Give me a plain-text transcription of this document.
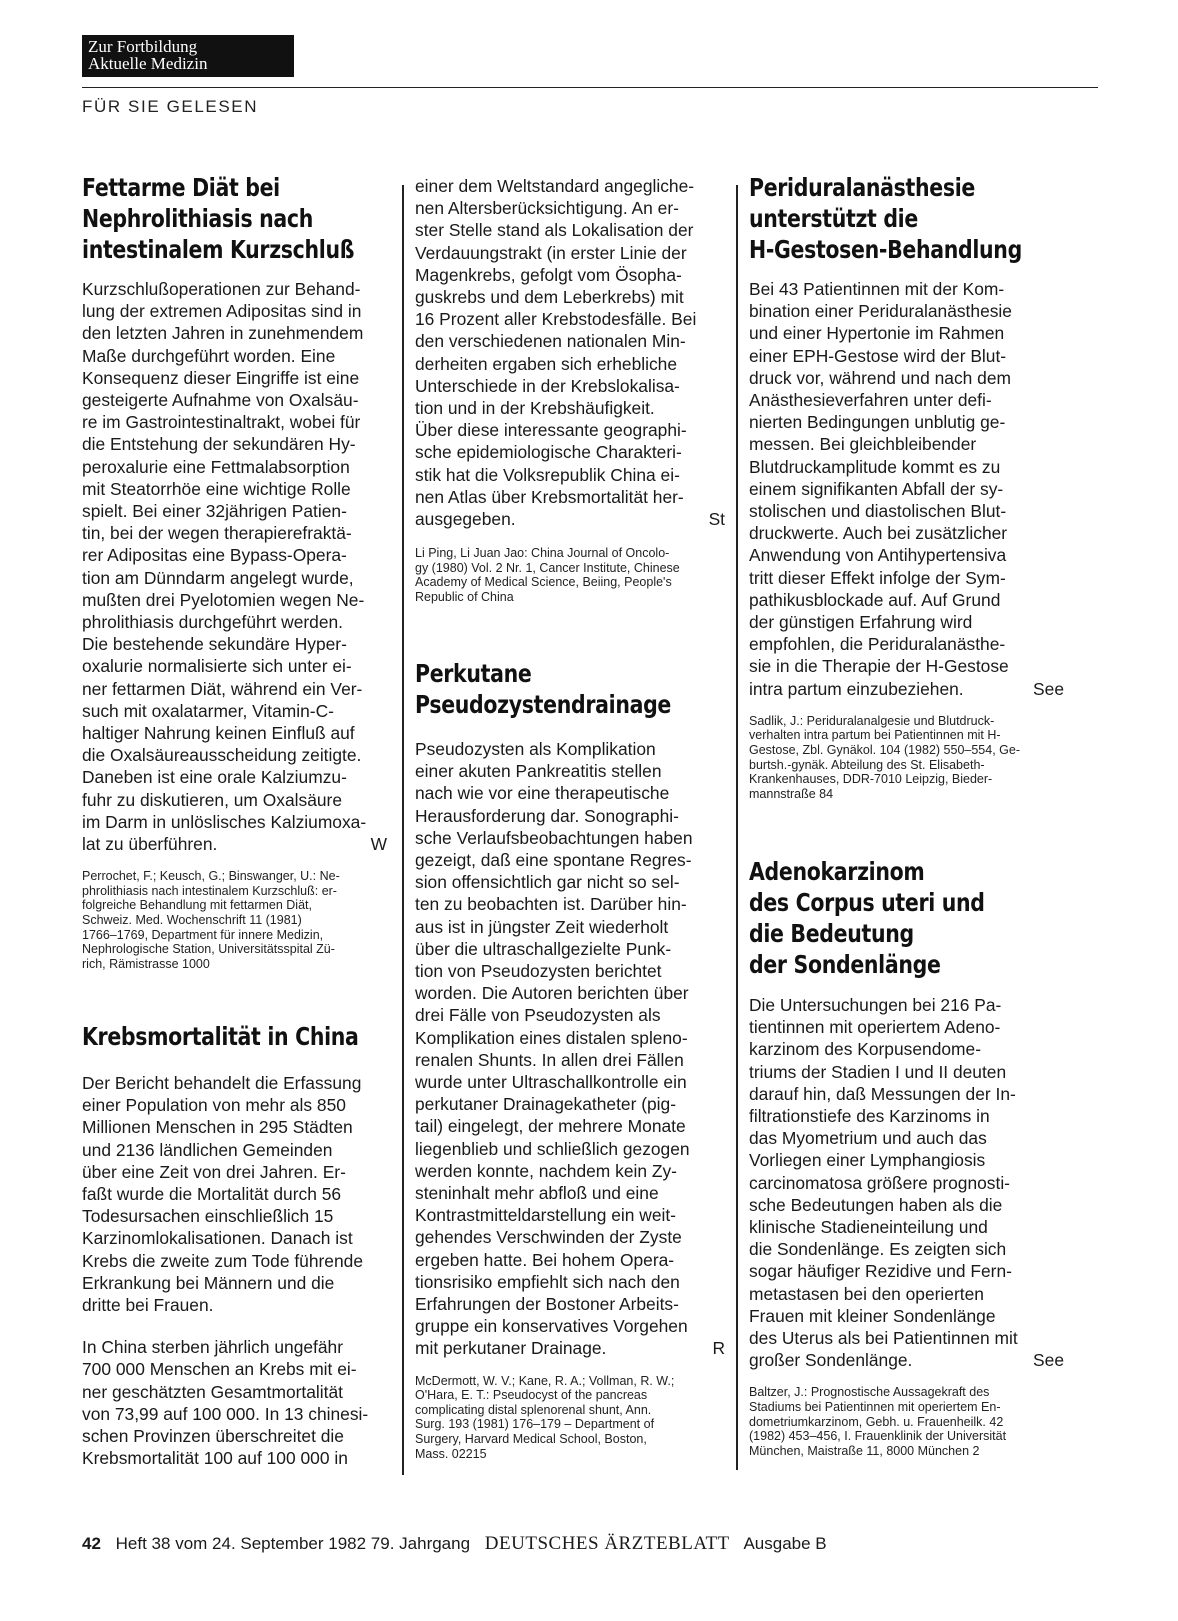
Zur Fortbildung
Aktuelle Medizin
FÜR SIE GELESEN
Fettarme Diät bei
Nephrolithiasis nach
intestinalem Kurzschluß
Kurzschlußoperationen zur Behand-
lung der extremen Adipositas sind in
den letzten Jahren in zunehmendem
Maße durchgeführt worden. Eine
Konsequenz dieser Eingriffe ist eine
gesteigerte Aufnahme von Oxalsäu-
re im Gastrointestinaltrakt, wobei für
die Entstehung der sekundären Hy-
peroxalurie eine Fettmalabsorption
mit Steatorrhöe eine wichtige Rolle
spielt. Bei einer 32jährigen Patien-
tin, bei der wegen therapierefraktä-
rer Adipositas eine Bypass-Opera-
tion am Dünndarm angelegt wurde,
mußten drei Pyelotomien wegen Ne-
phrolithiasis durchgeführt werden.
Die bestehende sekundäre Hyper-
oxalurie normalisierte sich unter ei-
ner fettarmen Diät, während ein Ver-
such mit oxalatarmer, Vitamin-C-
haltiger Nahrung keinen Einfluß auf
die Oxalsäureausscheidung zeitigte.
Daneben ist eine orale Kalziumzu-
fuhr zu diskutieren, um Oxalsäure
im Darm in unlöslisches Kalziumoxa-
lat zu überführen.	W
Perrochet, F.; Keusch, G.; Binswanger, U.: Ne-
phrolithiasis nach intestinalem Kurzschluß: er-
folgreiche Behandlung mit fettarmen Diät,
Schweiz. Med. Wochenschrift 11 (1981)
1766–1769, Department für innere Medizin,
Nephrologische Station, Universitätsspital Zü-
rich, Rämistrasse 1000
Krebsmortalität in China
Der Bericht behandelt die Erfassung
einer Population von mehr als 850
Millionen Menschen in 295 Städten
und 2136 ländlichen Gemeinden
über eine Zeit von drei Jahren. Er-
faßt wurde die Mortalität durch 56
Todesursachen einschließlich 15
Karzinomlokalisationen. Danach ist
Krebs die zweite zum Tode führende
Erkrankung bei Männern und die
dritte bei Frauen.
In China sterben jährlich ungefähr
700 000 Menschen an Krebs mit ei-
ner geschätzten Gesamtmortalität
von 73,99 auf 100 000. In 13 chinesi-
schen Provinzen überschreitet die
Krebsmortalität 100 auf 100 000 in
einer dem Weltstandard angegliche-
nen Altersberücksichtigung. An er-
ster Stelle stand als Lokalisation der
Verdauungstrakt (in erster Linie der
Magenkrebs, gefolgt vom Ösopha-
guskrebs und dem Leberkrebs) mit
16 Prozent aller Krebstodesfälle. Bei
den verschiedenen nationalen Min-
derheiten ergaben sich erhebliche
Unterschiede in der Krebslokalisa-
tion und in der Krebshäufigkeit.
Über diese interessante geographi-
sche epidemiologische Charakteri-
stik hat die Volksrepublik China ei-
nen Atlas über Krebsmortalität her-
ausgegeben.	St
Li Ping, Li Juan Jao: China Journal of Oncolo-
gy (1980) Vol. 2 Nr. 1, Cancer Institute, Chinese
Academy of Medical Science, Beiing, People's
Republic of China
Perkutane
Pseudozystendrainage
Pseudozysten als Komplikation
einer akuten Pankreatitis stellen
nach wie vor eine therapeutische
Herausforderung dar. Sonographi-
sche Verlaufsbeobachtungen haben
gezeigt, daß eine spontane Regres-
sion offensichtlich gar nicht so sel-
ten zu beobachten ist. Darüber hin-
aus ist in jüngster Zeit wiederholt
über die ultraschallgezielte Punk-
tion von Pseudozysten berichtet
worden. Die Autoren berichten über
drei Fälle von Pseudozysten als
Komplikation eines distalen spleno-
renalen Shunts. In allen drei Fällen
wurde unter Ultraschallkontrolle ein
perkutaner Drainagekatheter (pig-
tail) eingelegt, der mehrere Monate
liegenblieb und schließlich gezogen
werden konnte, nachdem kein Zy-
steninhalt mehr abfloß und eine
Kontrastmitteldarstellung ein weit-
gehendes Verschwinden der Zyste
ergeben hatte. Bei hohem Opera-
tionsrisiko empfiehlt sich nach den
Erfahrungen der Bostoner Arbeits-
gruppe ein konservatives Vorgehen
mit perkutaner Drainage.	R
McDermott, W. V.; Kane, R. A.; Vollman, R. W.;
O'Hara, E. T.: Pseudocyst of the pancreas
complicating distal splenorenal shunt, Ann.
Surg. 193 (1981) 176–179 – Department of
Surgery, Harvard Medical School, Boston,
Mass. 02215
Periduralanästhesie
unterstützt die
H-Gestosen-Behandlung
Bei 43 Patientinnen mit der Kom-
bination einer Periduralanästhesie
und einer Hypertonie im Rahmen
einer EPH-Gestose wird der Blut-
druck vor, während und nach dem
Anästhesieverfahren unter defi-
nierten Bedingungen unblutig ge-
messen. Bei gleichbleibender
Blutdruckamplitude kommt es zu
einem signifikanten Abfall der sy-
stolischen und diastolischen Blut-
druckwerte. Auch bei zusätzlicher
Anwendung von Antihypertensiva
tritt dieser Effekt infolge der Sym-
pathikusblockade auf. Auf Grund
der günstigen Erfahrung wird
empfohlen, die Periduralanästhe-
sie in die Therapie der H-Gestose
intra partum einzubeziehen.	See
Sadlik, J.: Periduralanalgesie und Blutdruck-
verhalten intra partum bei Patientinnen mit H-
Gestose, Zbl. Gynäkol. 104 (1982) 550–554, Ge-
burtsh.-gynäk. Abteilung des St. Elisabeth-
Krankenhauses, DDR-7010 Leipzig, Bieder-
mannstraße 84
Adenokarzinom
des Corpus uteri und
die Bedeutung
der Sondenlänge
Die Untersuchungen bei 216 Pa-
tientinnen mit operiertem Adeno-
karzinom des Korpusendome-
triums der Stadien I und II deuten
darauf hin, daß Messungen der In-
filtrationstiefe des Karzinoms in
das Myometrium und auch das
Vorliegen einer Lymphangiosis
carcinomatosa größere prognosti-
sche Bedeutungen haben als die
klinische Stadieneinteilung und
die Sondenlänge. Es zeigten sich
sogar häufiger Rezidive und Fern-
metastasen bei den operierten
Frauen mit kleiner Sondenlänge
des Uterus als bei Patientinnen mit
großer Sondenlänge.	See
Baltzer, J.: Prognostische Aussagekraft des
Stadiums bei Patientinnen mit operiertem En-
dometriumkarzinom, Gebh. u. Frauenheilk. 42
(1982) 453–456, I. Frauenklinik der Universität
München, Maistraße 11, 8000 München 2
42 Heft 38 vom 24. September 1982 79. Jahrgang DEUTSCHES ÄRZTEBLATT Ausgabe B
